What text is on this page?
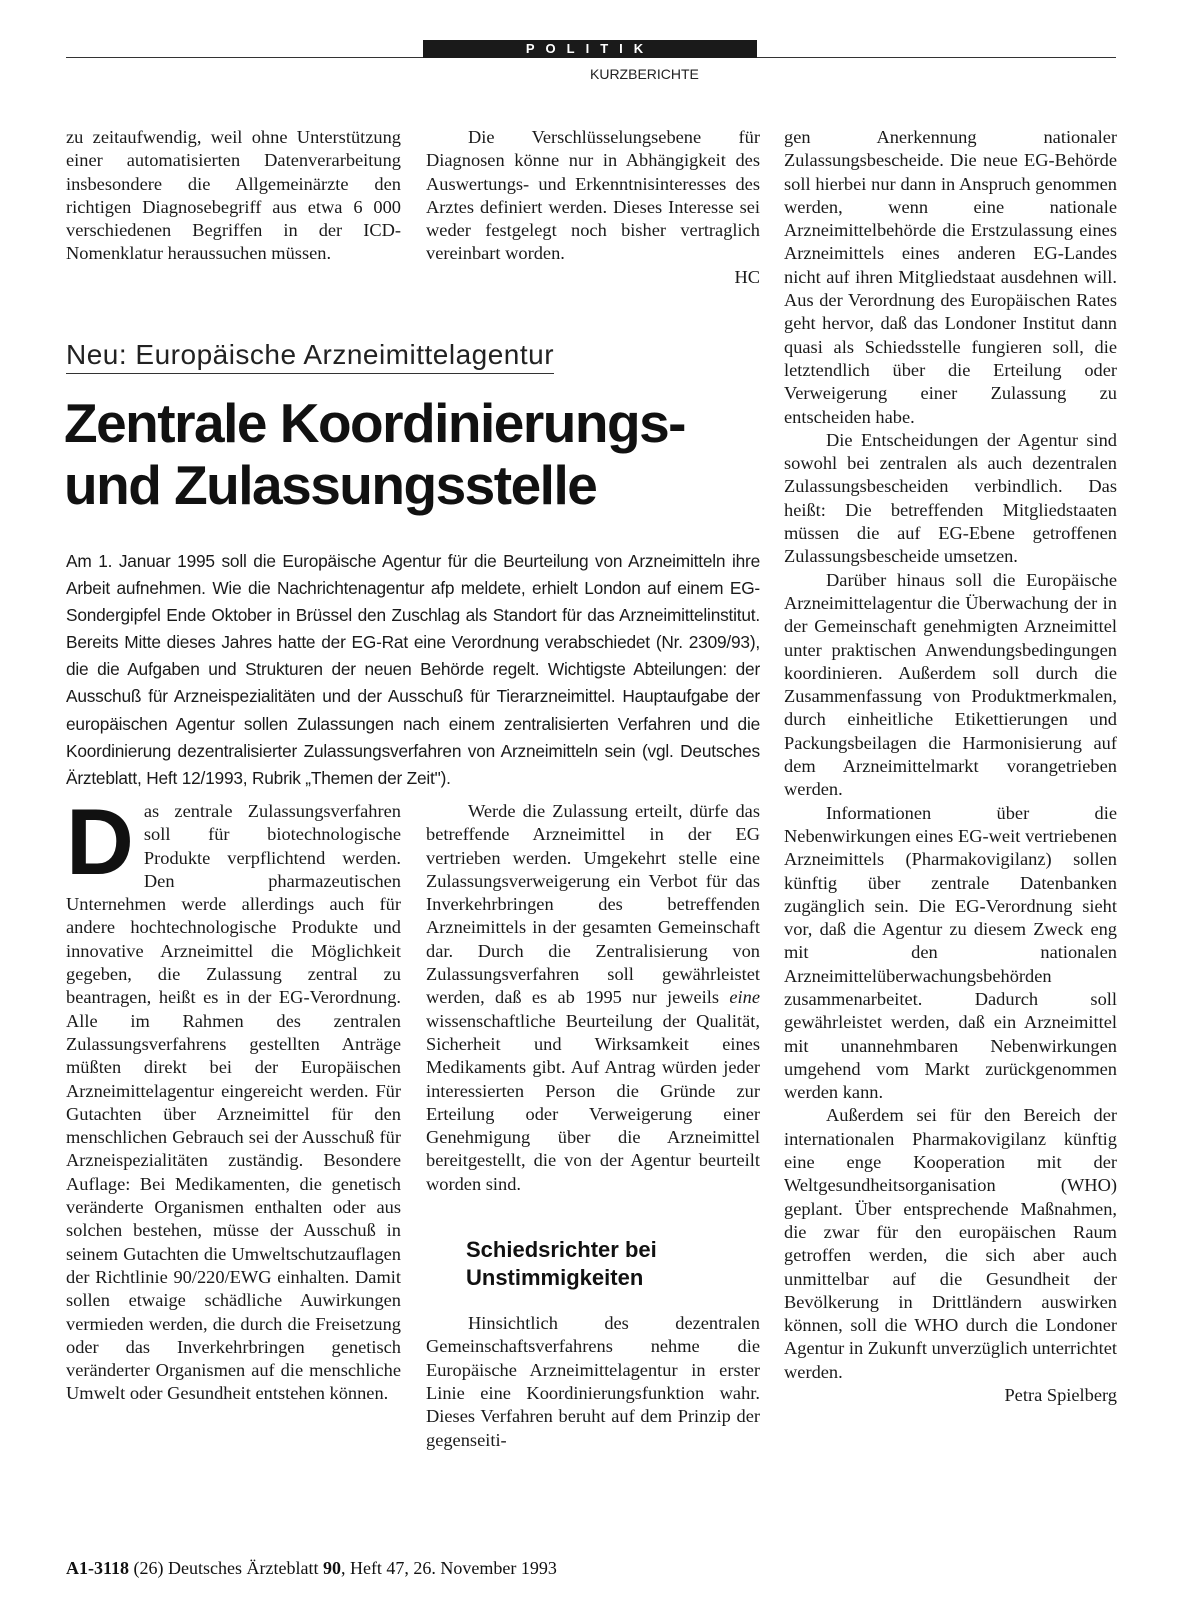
POLITIK
KURZBERICHTE

zu zeitaufwendig, weil ohne Unterstützung einer automatisierten Datenverarbeitung insbesondere die Allgemeinärzte den richtigen Diagnosebegriff aus etwa 6 000 verschiedenen Begriffen in der ICD-Nomenklatur heraussuchen müssen.

Die Verschlüsselungsebene für Diagnosen könne nur in Abhängigkeit des Auswertungs- und Erkenntnisinteresses des Arztes definiert werden. Dieses Interesse sei weder festgelegt noch bisher vertraglich vereinbart worden.

HC

Neu: Europäische Arzneimittelagentur
Zentrale Koordinierungs-
und Zulassungsstelle
Am 1. Januar 1995 soll die Europäische Agentur für die Beurteilung von Arzneimitteln ihre Arbeit aufnehmen. Wie die Nachrichtenagentur afp meldete, erhielt London auf einem EG-Sondergipfel Ende Oktober in Brüssel den Zuschlag als Standort für das Arzneimittelinstitut. Bereits Mitte dieses Jahres hatte der EG-Rat eine Verordnung verabschiedet (Nr. 2309/93), die die Aufgaben und Strukturen der neuen Behörde regelt. Wichtigste Abteilungen: der Ausschuß für Arzneispezialitäten und der Ausschuß für Tierarzneimittel. Hauptaufgabe der europäischen Agentur sollen Zulassungen nach einem zentralisierten Verfahren und die Koordinierung dezentralisierter Zulassungsverfahren von Arzneimitteln sein (vgl. Deutsches Ärzteblatt, Heft 12/1993, Rubrik „Themen der Zeit").

Das zentrale Zulassungsverfahren soll für biotechnologische Produkte verpflichtend werden. Den pharmazeutischen Unternehmen werde allerdings auch für andere hochtechnologische Produkte und innovative Arzneimittel die Möglichkeit gegeben, die Zulassung zentral zu beantragen, heißt es in der EG-Verordnung. Alle im Rahmen des zentralen Zulassungsverfahrens gestellten Anträge müßten direkt bei der Europäischen Arzneimittelagentur eingereicht werden. Für Gutachten über Arzneimittel für den menschlichen Gebrauch sei der Ausschuß für Arzneispezialitäten zuständig. Besondere Auflage: Bei Medikamenten, die genetisch veränderte Organismen enthalten oder aus solchen bestehen, müsse der Ausschuß in seinem Gutachten die Umweltschutzauflagen der Richtlinie 90/220/EWG einhalten. Damit sollen etwaige schädliche Auwirkungen vermieden werden, die durch die Freisetzung oder das Inverkehrbringen genetisch veränderter Organismen auf die menschliche Umwelt oder Gesundheit entstehen können.

Werde die Zulassung erteilt, dürfe das betreffende Arzneimittel in der EG vertrieben werden. Umgekehrt stelle eine Zulassungsverweigerung ein Verbot für das Inverkehrbringen des betreffenden Arzneimittels in der gesamten Gemeinschaft dar. Durch die Zentralisierung von Zulassungsverfahren soll gewährleistet werden, daß es ab 1995 nur jeweils eine wissenschaftliche Beurteilung der Qualität, Sicherheit und Wirksamkeit eines Medikaments gibt. Auf Antrag würden jeder interessierten Person die Gründe zur Erteilung oder Verweigerung einer Genehmigung über die Arzneimittel bereitgestellt, die von der Agentur beurteilt worden sind.

Schiedsrichter bei
Unstimmigkeiten

Hinsichtlich des dezentralen Gemeinschaftsverfahrens nehme die Europäische Arzneimittelagentur in erster Linie eine Koordinierungsfunktion wahr. Dieses Verfahren beruht auf dem Prinzip der gegenseiti-

gen Anerkennung nationaler Zulassungsbescheide. Die neue EG-Behörde soll hierbei nur dann in Anspruch genommen werden, wenn eine nationale Arzneimittelbehörde die Erstzulassung eines Arzneimittels eines anderen EG-Landes nicht auf ihren Mitgliedstaat ausdehnen will. Aus der Verordnung des Europäischen Rates geht hervor, daß das Londoner Institut dann quasi als Schiedsstelle fungieren soll, die letztendlich über die Erteilung oder Verweigerung einer Zulassung zu entscheiden habe.

Die Entscheidungen der Agentur sind sowohl bei zentralen als auch dezentralen Zulassungsbescheiden verbindlich. Das heißt: Die betreffenden Mitgliedstaaten müssen die auf EG-Ebene getroffenen Zulassungsbescheide umsetzen.

Darüber hinaus soll die Europäische Arzneimittelagentur die Überwachung der in der Gemeinschaft genehmigten Arzneimittel unter praktischen Anwendungsbedingungen koordinieren. Außerdem soll durch die Zusammenfassung von Produktmerkmalen, durch einheitliche Etikettierungen und Packungsbeilagen die Harmonisierung auf dem Arzneimittelmarkt vorangetrieben werden.

Informationen über die Nebenwirkungen eines EG-weit vertriebenen Arzneimittels (Pharmakovigilanz) sollen künftig über zentrale Datenbanken zugänglich sein. Die EG-Verordnung sieht vor, daß die Agentur zu diesem Zweck eng mit den nationalen Arzneimittelüberwachungsbehörden zusammenarbeitet. Dadurch soll gewährleistet werden, daß ein Arzneimittel mit unannehmbaren Nebenwirkungen umgehend vom Markt zurückgenommen werden kann.

Außerdem sei für den Bereich der internationalen Pharmakovigilanz künftig eine enge Kooperation mit der Weltgesundheitsorganisation (WHO) geplant. Über entsprechende Maßnahmen, die zwar für den europäischen Raum getroffen werden, die sich aber auch unmittelbar auf die Gesundheit der Bevölkerung in Drittländern auswirken können, soll die WHO durch die Londoner Agentur in Zukunft unverzüglich unterrichtet werden.

Petra Spielberg

A1-3118 (26) Deutsches Ärzteblatt 90, Heft 47, 26. November 1993
